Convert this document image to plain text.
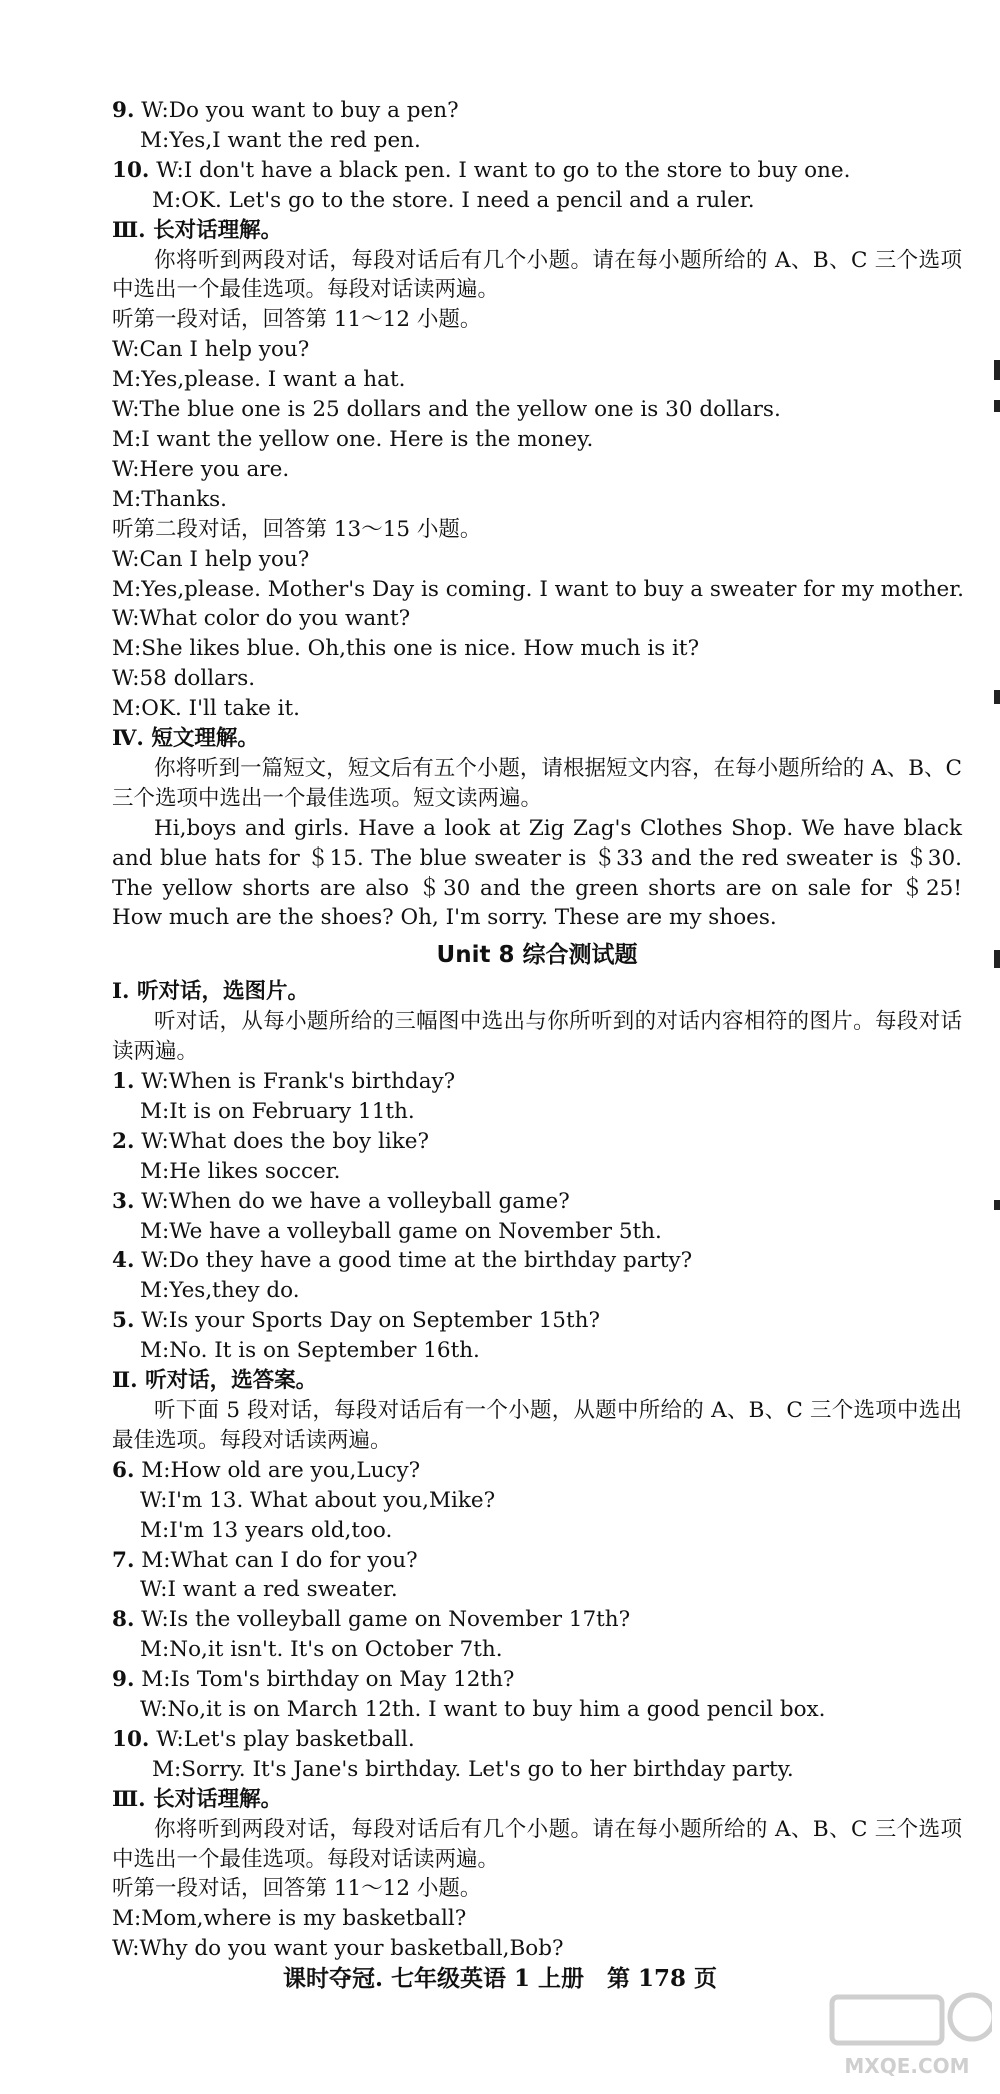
9. W:Do you want to buy a pen?
M:Yes,I want the red pen.
10. W:I don't have a black pen. I want to go to the store to buy one.
M:OK. Let's go to the store. I need a pencil and a ruler.
Ⅲ. 长对话理解。
你将听到两段对话，每段对话后有几个小题。请在每小题所给的 A、B、C 三个选项中选出一个最佳选项。每段对话读两遍。
听第一段对话，回答第 11～12 小题。
W:Can I help you?
M:Yes,please. I want a hat.
W:The blue one is 25 dollars and the yellow one is 30 dollars.
M:I want the yellow one. Here is the money.
W:Here you are.
M:Thanks.
听第二段对话，回答第 13～15 小题。
W:Can I help you?
M:Yes,please. Mother's Day is coming. I want to buy a sweater for my mother.
W:What color do you want?
M:She likes blue. Oh,this one is nice. How much is it?
W:58 dollars.
M:OK. I'll take it.
Ⅳ. 短文理解。
你将听到一篇短文，短文后有五个小题，请根据短文内容，在每小题所给的 A、B、C 三个选项中选出一个最佳选项。短文读两遍。
Hi,boys and girls. Have a look at Zig Zag's Clothes Shop. We have black and blue hats for ＄15. The blue sweater is ＄33 and the red sweater is ＄30. The yellow shorts are also ＄30 and the green shorts are on sale for ＄25! How much are the shoes? Oh, I'm sorry. These are my shoes.
Unit 8 综合测试题
Ⅰ. 听对话，选图片。
听对话，从每小题所给的三幅图中选出与你所听到的对话内容相符的图片。每段对话读两遍。
1. W:When is Frank's birthday?
M:It is on February 11th.
2. W:What does the boy like?
M:He likes soccer.
3. W:When do we have a volleyball game?
M:We have a volleyball game on November 5th.
4. W:Do they have a good time at the birthday party?
M:Yes,they do.
5. W:Is your Sports Day on September 15th?
M:No. It is on September 16th.
Ⅱ. 听对话，选答案。
听下面 5 段对话，每段对话后有一个小题，从题中所给的 A、B、C 三个选项中选出最佳选项。每段对话读两遍。
6. M:How old are you,Lucy?
W:I'm 13. What about you,Mike?
M:I'm 13 years old,too.
7. M:What can I do for you?
W:I want a red sweater.
8. W:Is the volleyball game on November 17th?
M:No,it isn't. It's on October 7th.
9. M:Is Tom's birthday on May 12th?
W:No,it is on March 12th. I want to buy him a good pencil box.
10. W:Let's play basketball.
M:Sorry. It's Jane's birthday. Let's go to her birthday party.
Ⅲ. 长对话理解。
你将听到两段对话，每段对话后有几个小题。请在每小题所给的 A、B、C 三个选项中选出一个最佳选项。每段对话读两遍。
听第一段对话，回答第 11～12 小题。
M:Mom,where is my basketball?
W:Why do you want your basketball,Bob?
课时夺冠. 七年级英语 1 上册　第 178 页
MXQE.COM
